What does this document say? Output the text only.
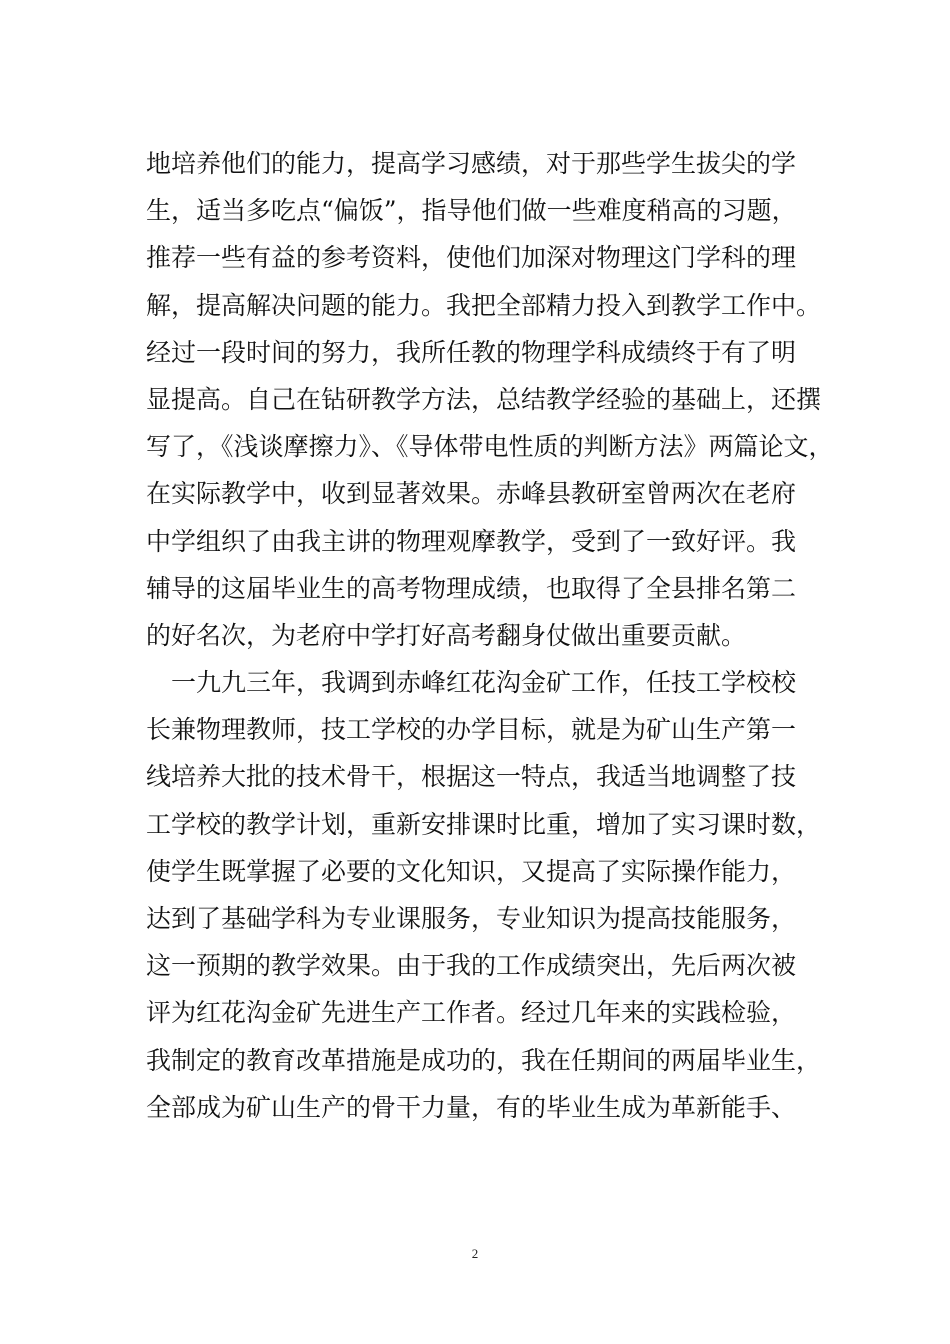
地培养他们的能力，提高学习感绩，对于那些学生拔尖的学
生，适当多吃点“偏饭”，指导他们做一些难度稍高的习题，
推荐一些有益的参考资料，使他们加深对物理这门学科的理
解，提高解决问题的能力。我把全部精力投入到教学工作中。
经过一段时间的努力，我所任教的物理学科成绩终于有了明
显提高。自己在钻研教学方法，总结教学经验的基础上，还撰
写了，《浅谈摩擦力》、《导体带电性质的判断方法》两篇论文，
在实际教学中，收到显著效果。赤峰县教研室曾两次在老府
中学组织了由我主讲的物理观摩教学，受到了一致好评。我
辅导的这届毕业生的高考物理成绩，也取得了全县排名第二
的好名次，为老府中学打好高考翻身仗做出重要贡献。
　一九九三年，我调到赤峰红花沟金矿工作，任技工学校校
长兼物理教师，技工学校的办学目标，就是为矿山生产第一
线培养大批的技术骨干，根据这一特点，我适当地调整了技
工学校的教学计划，重新安排课时比重，增加了实习课时数，
使学生既掌握了必要的文化知识，又提高了实际操作能力，
达到了基础学科为专业课服务，专业知识为提高技能服务，
这一预期的教学效果。由于我的工作成绩突出，先后两次被
评为红花沟金矿先进生产工作者。经过几年来的实践检验，
我制定的教育改革措施是成功的，我在任期间的两届毕业生，
全部成为矿山生产的骨干力量，有的毕业生成为革新能手、
2
